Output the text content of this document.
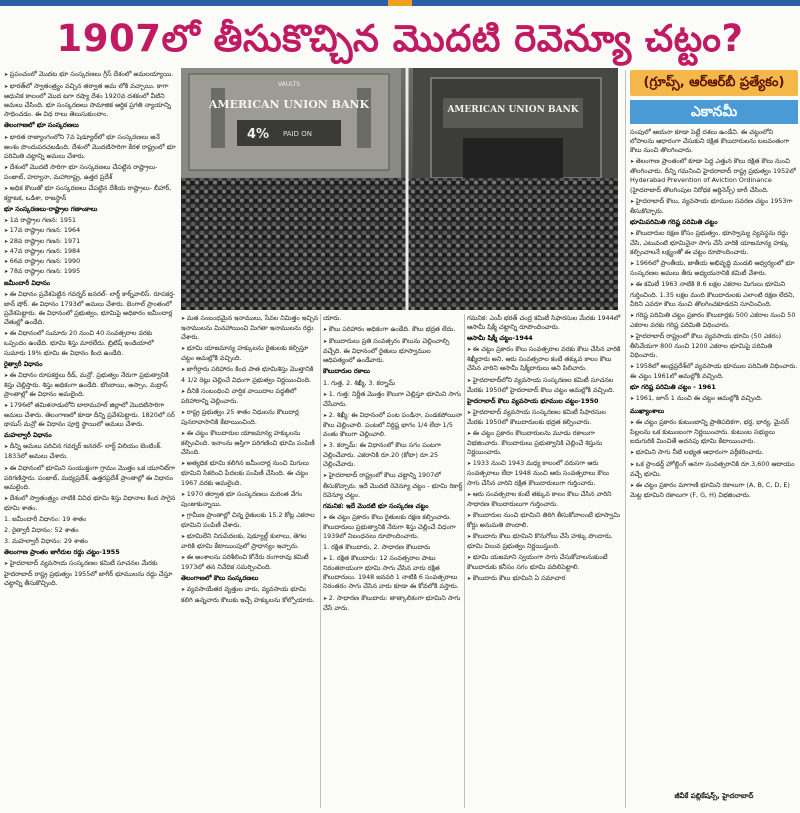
1907లో తీసుకొచ్చిన మొదటి రెవెన్యూ చట్టం?
VAULTS
AMERICAN UNION BANK
4% PAID ON
AMERICAN UNION BANK
(గ్రూప్స్, ఆర్ఆర్‌బీ ప్రత్యేకం)
ఎకానమీ

➤ ప్రపంచంలో మొదట భూ సంస్కరణలు గ్రీస్ దేశంలో అమలయ్యాయి.

➤ భారత్‌లో స్వాతంత్ర్యం వచ్చిన తర్వాత అమ లోకి వచ్చాయి. కాగా ఆధునిక కాలంలో మొద టగా రష్యా దేశం 1920వ దశకంలో వీటిని అమలు చేసింది. భూ సంస్కరణలు సామాజిక ఆర్థిక ప్రగతి న్యాయాన్ని సాధించడం. ఈ విధ రాలు తెలుసుకుందాం.

తెలంగాణలో భూ సంస్కరణలు

➤ భారత రాజ్యాంగంలోని 7వ షెడ్యూల్‌లో భూ సంస్కరణలు అనే అంశం పొందుపరచబడింది. దేశంలో మొదటిసారిగా కేరళ రాష్ట్రంలో భూ పరిమితి చట్టాన్ని అమలు చేశారు.

➤ దేశంలో మొదటి సారిగా భూ సంస్కరణలు చేపట్టిన రాష్ట్రాలు- పంజాబ్, హర్యానా, మహారాష్ట్ర, ఉత్తర ప్రదేశ్

➤ అధిక కౌలుతో భూ సంస్కరణలు చేపట్టిన దేశీయ రాష్ట్రాలు- బీహార్, కర్ణాటక, ఒడిశా, రాజస్థాన్

భూ సంస్కరణలు-రాష్ట్రాల గణాంకాలు

➤ 1వ రాష్ట్రాల గణన: 1951

➤ 17వ రాష్ట్రాల గణన: 1964

➤ 28వ రాష్ట్రాల గణన: 1971

➤ 47వ రాష్ట్రాల గణన: 1984

➤ 66వ రాష్ట్రాల గణన: 1990

➤ 78వ రాష్ట్రాల గణన: 1995

జమీందారీ విధానం

➤ ఈ విధానం ప్రవేశపెట్టిన గవర్నర్ జనరల్- లార్డ్ కార్న్‌వాలిస్. రూపకర్త- జాన్ షోర్. ఈ విధానం 1793లో అమలు చేశారు. బెంగాల్ ప్రాంతంలో ప్రవేశపెట్టారు. ఈ విధానంలో ప్రభుత్వం, భూమిపై అధికారం జమీందార్ల చేతుల్లో ఉండేది.

➤ ఈ విధానంలో సుమారు 20 నుంచి 40 సంవత్సరాల వరకు ఒప్పందం ఉండేది. భూమి శిస్తు మారలేదు. బ్రిటిష్ ఇండియాలో సుమారు 19% భూమి ఈ విధానం కింద ఉండేది.

రైత్వారీ విధానం

➤ ఈ విధానం రూపకర్తలు రీడ్, మన్రో. ప్రభుత్వం నేరుగా ప్రభుత్వానికి శిస్తు చెల్లిస్తారు. శిస్తు అధికంగా ఉండేది. బొంబాయి, అస్సాం, మద్రాస్ ప్రాంతాల్లో ఈ విధానం అమలైంది.

➤ 1796లో తమిళనాడులోని బారామహల్ జిల్లాలో మొదటిసారిగా అమలు చేశారు. తెలంగాణలో కూడా దీన్ని ప్రవేశపెట్టారు. 1820లో సర్ థామస్ మన్రో ఈ విధానం పూర్తి స్థాయిలో అమలు చేశారు.

మహల్వారీ విధానం

➤ దీన్ని అమలు పరిచిన గవర్నర్ జనరల్- లార్డ్ విలియం బెంటింక్. 1833లో అమలు చేశారు.

➤ ఈ విధానంలో భూమిని సంయుక్తంగా గ్రామం మొత్తం ఒక యూనిట్‌గా పరిగణిస్తారు. పంజాబ్, మధ్యప్రదేశ్, ఉత్తరప్రదేశ్ ప్రాంతాల్లో ఈ విధానం అమలైంది.

➤ దేశంలో స్వాతంత్ర్యం నాటికి వివిధ భూమి శిస్తు విధానాల కింద సాగైన భూమి శాతం.

1. జమీందారీ విధానం: 19 శాతం

2. రైత్వారీ విధానం: 52 శాతం

3. మహల్వారీ విధానం: 29 శాతం

తెలంగాణ ప్రాంతం జాగీరుల రద్దు చట్టం-1955

➤ హైదరాబాద్ వ్యవసాయ సంస్కరణల కమిటీ సూచనల మేరకు హైదరాబాద్ రాష్ట్ర ప్రభుత్వం 1955లో జాగీర్ భూములను రద్దు చేస్తూ చట్టాన్ని తీసుకొచ్చింది.

➤ మత సంబంధమైన ఇనాములు, సేవల నిమిత్తం ఇచ్చిన ఇనాములను మినహాయించి మిగతా ఇనాములను రద్దు చేశారు.

➤ భూమి యాజమాన్య హక్కులను రైతులకు కల్పిస్తూ చట్టం అమల్లోకి వచ్చింది.

➤ జాగీర్దారు పరిహారం కింద పాత భూమిశిస్తు మొత్తానికి 4 1/2 రెట్లు చెల్లించే విధంగా ప్రభుత్వం నిర్ణయించింది.

➤ దీనికి సంబంధించి వార్షిక వాయిదాల పద్ధతిలో పరిహారాన్ని చెల్లించారు.

➤ రాష్ట్ర ప్రభుత్వం 25 శాతం నిధులను కౌలుదార్ల పునరావాసానికి కేటాయించింది.

➤ ఈ చట్టం కౌలుదారుల యాజమాన్య హక్కులను కల్పించింది. ఇనాంను ఆస్తిగా పరిగణించి భూమి పంపిణీ చేసింది.

➤ అత్యధిక భూమి కలిగిన జమీందార్ల నుంచి మిగులు భూమిని సేకరించి పేదలకు పంపిణీ చేసింది. ఈ చట్టం 1967 వరకు అమలైంది.

➤ 1970 తర్వాత భూ సంస్కరణలు మరింత వేగం పుంజుకున్నాయి.

➤ గ్రామీణ ప్రాంతాల్లో చిన్న రైతులకు 15.2 కోట్ల ఎకరాల భూమిని పంపిణీ చేశారు.

➤ భూమిలేని నిరుపేదలకు, షెడ్యూల్డ్ కులాలు, తెగల వారికి భూమి కేటాయింపులో ప్రాధాన్యం ఇచ్చారు.

➤ ఈ అంశాలను పరిశీలించి కోనేరు రంగారావు కమిటీ 1973లో తన నివేదిక సమర్పించింది.

తెలంగాణలో కౌలు సంస్కరణలు

➤ వ్యవసాయేతర వృత్తుల వారు, వ్యవసాయ భూమి కలిగి ఉన్నవారు కౌలుకు ఇచ్చే హక్కులను కోల్పోయారు.

యారు.

➤ కౌలు పరిహారం అధికంగా ఉండేది. కౌలు భద్రత లేదు.

➤ కౌలుదారులు ప్రతి సంవత్సరం కౌలును చెల్లించాల్సి వచ్చేది. ఈ విధానంలో రైతులు భూస్వాముల ఆధిపత్యంలో ఉండేవారు.

కౌలుదారుల రకాలు

1. గుత్త, 2. శిఖ్మీ, 3. కర్నామ్

➤ 1. గుత్త: నిర్ణీత మొత్తం కౌలుగా చెల్లిస్తూ భూమిని సాగు చేసేవారు.

➤ 2. శిఖ్మీ: ఈ విధానంలో పంట పండినా, పండకపోయినా కౌలు చెల్లించాలి. పంటలో నిర్దిష్ట భాగం 1/4 లేదా 1/5 వంతు కౌలుగా చెల్లించాలి.

➤ 3. కర్నామ్: ఈ విధానంలో కౌలు సగం పంటగా చెల్లించేవారు. ఎకరానికి రూ.20 (కోటా) రూ.25 చెల్లించేవారు.

➤ హైదరాబాద్ రాష్ట్రంలో కౌలు చట్టాన్ని 1907లో తీసుకొచ్చారు. ఇదే మొదటి రెవెన్యూ చట్టం - భూమి రికార్డ్ రెవెన్యూ చట్టం.

గమనిక: ఇదే మొదటి భూ సంస్కరణ చట్టం

➤ ఈ చట్టం ప్రకారం కౌలు రైతులకు రక్షణ కల్పించారు. కౌలుదారులు ప్రభుత్వానికి నేరుగా శిస్తు చెల్లించే విధంగా 1939లో నిబంధనలు రూపొందించారు.

1. రక్షిత కౌలుదారు, 2. సాధారణ కౌలుదారు

➤ 1. రక్షిత కౌలుదారు: 12 సంవత్సరాల పాటు నిరంతరాయంగా భూమి సాగు చేసిన వారు రక్షిత కౌలుదారులు. 1948 జనవరి 1 నాటికి 6 సంవత్సరాలు నిరంతరం సాగు చేసిన వారు కూడా ఈ కోవలోకి వస్తారు.

➤ 2. సాధారణ కౌలుదారు: తాత్కాలికంగా భూమిని సాగు చేసే వారు.

గమనిక: ఎంపీ భరత్ చంద్ర కమిటీ సిఫారసుల మేరకు 1944లో ఆసామీ షిక్మీ చట్టాన్ని రూపొందించారు.

ఆసామీ షిక్మీ చట్టం-1944

➤ ఈ చట్టం ప్రకారం కౌలు సంవత్సరాల వరకు కౌలు చేసిన వారికి శిఖ్మీదారు అని, ఆరు సంవత్సరాల కంటే తక్కువ కాలం కౌలు చేసిన వారిని ఆసామీ షిక్మీదారులు అని పిలిచారు.

➤ హైదరాబాద్‌లోని వ్యవసాయ సంస్కరణల కమిటీ సూచనల మేరకు 1950లో హైదరాబాద్ కౌలు చట్టం అమల్లోకి వచ్చింది.

హైదరాబాద్ కౌలు వ్యవసాయ భూముల చట్టం-1950

➤ హైదరాబాద్ వ్యవసాయ సంస్కరణల కమిటీ సిఫారసుల మేరకు 1950లో కౌలుదారులకు భద్రత కల్పించారు.

➤ ఈ చట్టం ప్రకారం కౌలుదారులను మూడు రకాలుగా విభజించారు. కౌలుదారులు ప్రభుత్వానికి చెల్లించే శిస్తును నిర్ణయించారు.

➤ 1933 నుంచి 1943 మధ్య కాలంలో వరుసగా ఆరు సంవత్సరాలు లేదా 1948 నుంచి ఆరు సంవత్సరాలు కౌలు సాగు చేసిన వారిని రక్షిత కౌలుదారులుగా గుర్తించారు.

➤ ఆరు సంవత్సరాల కంటే తక్కువ కాలం కౌలు చేసిన వారిని సాధారణ కౌలుదారులుగా గుర్తించారు.

➤ కౌలుదారుల నుంచి భూమిని తిరిగి తీసుకోవాలంటే భూస్వామి కోర్టు అనుమతి పొందాలి.

➤ కౌలుదారు కౌలు భూమిని కొనుగోలు చేసే హక్కు పొందారు. భూమి విలువ ప్రభుత్వం నిర్ణయిస్తుంది.

➤ భూమి యజమాని స్వయంగా సాగు చేసుకోవాలనుకుంటే కౌలుదారుకు కనీసం సగం భూమి వదిలిపెట్టాలి.

➤ కౌలుదారు కౌలు భూమిని ఏ సమాచార

సంపులో ఆయనా కూడా పెట్టే దశలు ఉండేవి. ఈ చట్టంలోని లోపాలను ఆధారంగా చేసుకుని రక్షిత కౌలుదారులను బలవంతంగా కౌలు నుంచి తొలగించారు.

➤ తెలంగాణ ప్రాంతంలో కూడా పెద్ద ఎత్తున కౌలు రక్షిత కౌలు నుంచి తొలగించారు. దీన్ని గమనించి హైదరాబాద్ రాష్ట్ర ప్రభుత్వం 1952లో Hyderabad Prevention of Aviction Ordinance (హైదరాబాద్ తొలగింపుల నిరోధక ఆర్డినెన్స్) జారీ చేసింది.

➤ హైదరాబాద్ కౌలు, వ్యవసాయ భూముల సవరణ చట్టం 1953గా తీసుకొచ్చారు.

భూమిపరిమితి గరిష్ట పరిమితి చట్టం

➤ కౌలుదారుల రక్షణ కోసం ప్రభుత్వం, భూస్వామ్య వ్యవస్థను రద్దు చేసి, ఎటువంటి భూమినైనా సాగు చేసే వారికి యాజమాన్య హక్కు కల్పించాలనే లక్ష్యంతో ఈ చట్టం రూపొందించారు.

➤ 1966లో ప్రాంతీయ, జాతీయ అభివృద్ధి మండలి ఆధ్వర్యంలో భూ సంస్కరణల అమలు తీరు అధ్యయనానికి కమిటీ వేశారు.

➤ ఈ కమిటీ 1963 నాటికి 8.6 లక్షల ఎకరాల మిగులు భూమిని గుర్తించింది. 1.35 లక్షల మంది కౌలుదారులకు ఎలాంటి రక్షణ లేదని, వీరిని ఎవరూ కౌలు నుంచి తొలగించకూడదని సూచించింది.

➤ గరిష్ట పరిమితి చట్టం ప్రకారం కౌలుదార్లకు 500 ఎకరాల నుంచి 50 ఎకరాల వరకు గరిష్ట పరిమితి విధించారు.

➤ హైదరాబాద్ రాష్ట్రంలో కౌలు వ్యవసాయ భూమి (50 ఎకరం) తీసివేయగా 800 నుంచి 1200 ఎకరాల భూమిపై పరిమితి విధించారు.

➤ 1958లో ఆంధ్రప్రదేశ్‌లో వ్యవసాయ భూముల పరిమితి విధించారు. ఈ చట్టం 1961లో అమల్లోకి వచ్చింది.

భూ గరిష్ట పరిమితి చట్టం - 1961

➤ 1961, జూన్ 1 నుంచి ఈ చట్టం అమల్లోకి వచ్చింది.

ముఖ్యాంశాలు

➤ ఈ చట్టం ప్రకారం కుటుంబాన్ని ప్రాతిపదికగా, భర్త, భార్య, మైనర్ పిల్లలను ఒక కుటుంబంగా నిర్ణయించారు. కుటుంబ సభ్యులు ఐదుగురికి మించితే అదనపు భూమి కేటాయించారు.

➤ భూమిని సాగు నీటి లభ్యత ఆధారంగా వర్గీకరించారు.

➤ ఒక స్టాండర్డ్ హోల్డింగ్ అనగా సంవత్సరానికి రూ.3,600 ఆదాయం వచ్చే భూమి.

➤ ఈ చట్టం ప్రకారం మాగాణి భూమిని రకాలుగా (A, B, C, D, E) మెట్ట భూమిని రకాలుగా (F, G, H) విభజించారు.

జీవీకే పబ్లికేషన్స్, హైదరాబాద్
